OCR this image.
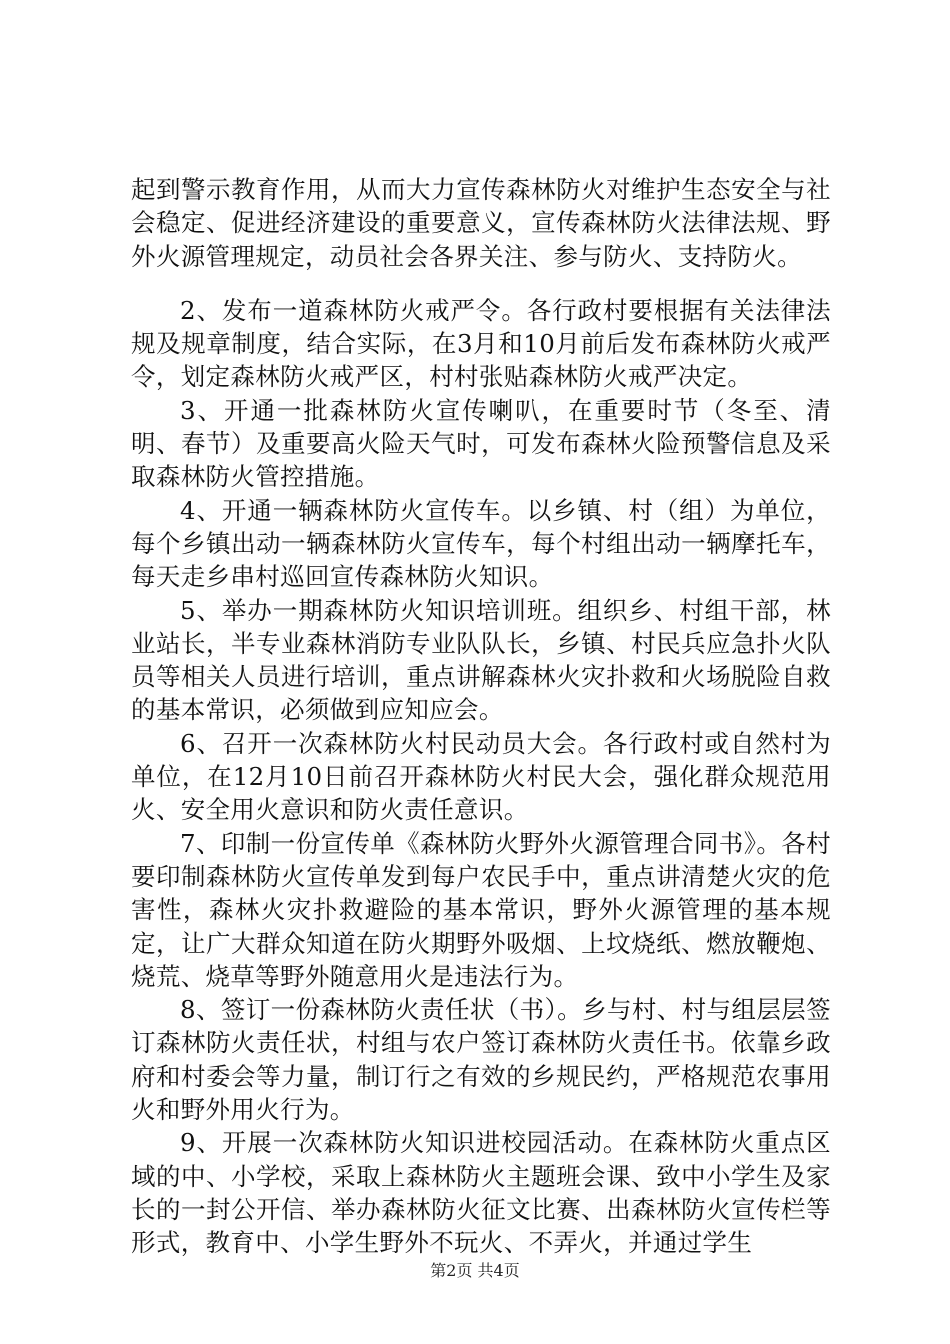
起到警示教育作用，从而大力宣传森林防火对维护生态安全与社会稳定、促进经济建设的重要意义，宣传森林防火法律法规、野外火源管理规定，动员社会各界关注、参与防火、支持防火。

2、发布一道森林防火戒严令。各行政村要根据有关法律法规及规章制度，结合实际，在3月和10月前后发布森林防火戒严令，划定森林防火戒严区，村村张贴森林防火戒严决定。

3、开通一批森林防火宣传喇叭，在重要时节（冬至、清明、春节）及重要高火险天气时，可发布森林火险预警信息及采取森林防火管控措施。

4、开通一辆森林防火宣传车。以乡镇、村（组）为单位，每个乡镇出动一辆森林防火宣传车，每个村组出动一辆摩托车，每天走乡串村巡回宣传森林防火知识。

5、举办一期森林防火知识培训班。组织乡、村组干部，林业站长，半专业森林消防专业队队长，乡镇、村民兵应急扑火队员等相关人员进行培训，重点讲解森林火灾扑救和火场脱险自救的基本常识，必须做到应知应会。

6、召开一次森林防火村民动员大会。各行政村或自然村为单位，在12月10日前召开森林防火村民大会，强化群众规范用火、安全用火意识和防火责任意识。

7、印制一份宣传单《森林防火野外火源管理合同书》。各村要印制森林防火宣传单发到每户农民手中，重点讲清楚火灾的危害性，森林火灾扑救避险的基本常识，野外火源管理的基本规定，让广大群众知道在防火期野外吸烟、上坟烧纸、燃放鞭炮、烧荒、烧草等野外随意用火是违法行为。

8、签订一份森林防火责任状（书）。乡与村、村与组层层签订森林防火责任状，村组与农户签订森林防火责任书。依靠乡政府和村委会等力量，制订行之有效的乡规民约，严格规范农事用火和野外用火行为。

9、开展一次森林防火知识进校园活动。在森林防火重点区域的中、小学校，采取上森林防火主题班会课、致中小学生及家长的一封公开信、举办森林防火征文比赛、出森林防火宣传栏等形式，教育中、小学生野外不玩火、不弄火，并通过学生

第2页 共4页
